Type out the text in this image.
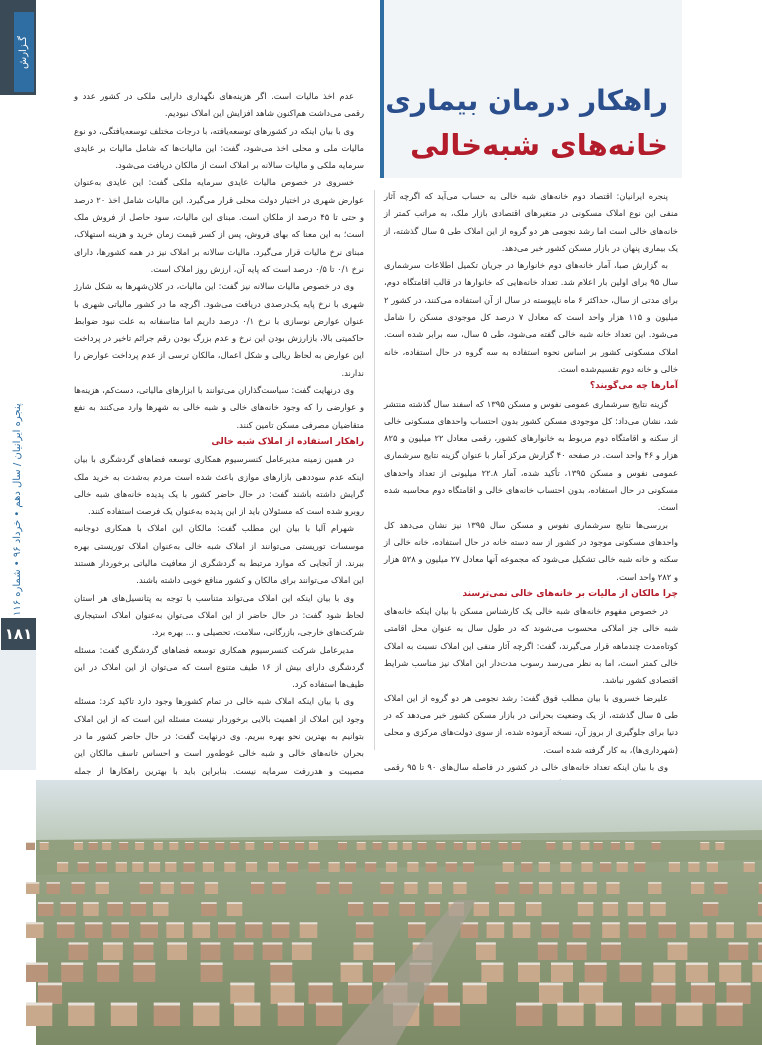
گـزارش
پنجره ایرانیان / سال دهم • خرداد ۹۶ • شماره ۱۱۶
۱۸۱
راهکار درمان بیماری
خانه‌های شبه‌خالی

پنجره ایرانیان: اقتصاد دوم خانه‌های شبه خالی به حساب می‌آید که اگرچه آثار منفی این نوع املاک مسکونی در متغیرهای اقتصادی بازار ملک، به مراتب کمتر از خانه‌های خالی است اما رشد نجومی هر دو گروه از این املاک طی ۵ سال گذشته، از یک بیماری پنهان در بازار مسکن کشور خبر می‌دهد.

به گزارش صبا، آمار خانه‌های دوم خانوارها در جریان تکمیل اطلاعات سرشماری سال ۹۵ برای اولین بار اعلام شد. تعداد خانه‌هایی که خانوارها در قالب اقامتگاه دوم، برای مدتی از سال، حداکثر ۶ ماه ناپیوسته در سال از آن استفاده می‌کنند، در کشور ۲ میلیون و ۱۱۵ هزار واحد است که معادل ۷ درصد کل موجودی مسکن را شامل می‌شود. این تعداد خانه شبه خالی گفته می‌شود، طی ۵ سال، سه برابر شده است. املاک مسکونی کشور بر اساس نحوه استفاده به سه گروه در حال استفاده، خانه خالی و خانه دوم تقسیم‌شده است.

آمارها چه می‌گویند؟

گزینه نتایج سرشماری عمومی نفوس و مسکن ۱۳۹۵ که اسفند سال گذشته منتشر شد، نشان می‌داد: کل موجودی مسکن کشور بدون احتساب واحدهای مسکونی خالی از سکنه و اقامتگاه دوم مربوط به خانوارهای کشور، رقمی معادل ۲۲ میلیون و ۸۲۵ هزار و ۴۶ واحد است. در صفحه ۴۰ گزارش مرکز آمار با عنوان گزینه نتایج سرشماری عمومی نفوس و مسکن ۱۳۹۵، تأکید شده، آمار ۲۲.۸ میلیونی از تعداد واحدهای مسکونی در حال استفاده، بدون احتساب خانه‌های خالی و اقامتگاه دوم محاسبه شده است.

بررسی‌ها نتایج سرشماری نفوس و مسکن سال ۱۳۹۵ نیز نشان می‌دهد کل واحدهای مسکونی موجود در کشور از سه دسته خانه در حال استفاده، خانه خالی از سکنه و خانه شبه خالی تشکیل می‌شود که مجموعه آنها معادل ۲۷ میلیون و ۵۲۸ هزار و ۲۸۲ واحد است.

چرا مالکان از مالیات بر خانه‌های خالی نمی‌ترسند

در خصوص مفهوم خانه‌های شبه خالی یک کارشناس مسکن با بیان اینکه خانه‌های شبه خالی جز املاکی محسوب می‌شوند که در طول سال به عنوان محل اقامتی کوتاه‌مدت چندماهه قرار می‌گیرند، گفت: اگرچه آثار منفی این املاک نسبت به املاک خالی کمتر است، اما به نظر می‌رسد رسوب مدت‌دار این املاک نیز مناسب شرایط اقتصادی کشور نباشد.

علیرضا خسروی با بیان مطلب فوق گفت: رشد نجومی هر دو گروه از این املاک طی ۵ سال گذشته، از یک وضعیت بحرانی در بازار مسکن کشور خبر می‌دهد که در دنیا برای جلوگیری از بروز آن، نسخه آزموده شده، از سوی دولت‌های مرکزی و محلی (شهرداری‌ها)، به کار گرفته شده است.

وی با بیان اینکه تعداد خانه‌های خالی در کشور در فاصله سال‌های ۹۰ تا ۹۵ رقمی

عدم اخذ مالیات است. اگر هزینه‌های نگهداری دارایی ملکی در کشور عدد و رقمی می‌داشت هم‌اکنون شاهد افزایش این املاک نبودیم.

وی با بیان اینکه در کشورهای توسعه‌یافته، با درجات مختلف توسعه‌یافتگی، دو نوع مالیات ملی و محلی اخذ می‌شود، گفت: این مالیات‌ها که شامل مالیات بر عایدی سرمایه ملکی و مالیات سالانه بر املاک است از مالکان دریافت می‌شود.

خسروی در خصوص مالیات عایدی سرمایه ملکی گفت: این عایدی به‌عنوان عوارض شهری در اختیار دولت محلی قرار می‌گیرد. این مالیات شامل اخذ ۲۰ درصد و حتی تا ۴۵ درصد از ملکان است. مبنای این مالیات، سود حاصل از فروش ملک است؛ به این معنا که بهای فروش، پس از کسر قیمت زمان خرید و هزینه استهلاک، مبنای نرخ مالیات قرار می‌گیرد. مالیات سالانه بر املاک نیز در همه کشورها، دارای نرخ ۰/۱ تا ۰/۵ درصد است که پایه آن، ارزش روز املاک است.

وی در خصوص مالیات سالانه نیز گفت: این مالیات، در کلان‌شهرها به شکل شارژ شهری با نرخ پایه یک‌درصدی دریافت می‌شود. اگرچه ما در کشور مالیاتی شهری با عنوان عوارض نوسازی با نرخ ۰/۱ درصد داریم اما متاسفانه به علت نبود ضوابط حاکمیتی بالا، بازارزش بودن این نرخ و عدم بزرگ بودن رقم جرائم تاخیر در پرداخت این عوارض به لحاظ ریالی و شکل اعمال، مالکان ترسی از عدم پرداخت عوارض را ندارند.

وی درنهایت گفت: سیاست‌گذاران می‌توانند با ابزارهای مالیاتی، دست‌کم، هزینه‌ها و عوارضی را که وجود خانه‌های خالی و شبه خالی به شهرها وارد می‌کنند به نفع متقاضیان مصرفی مسکن تامین کنند.

راهکار استفاده از املاک شبه خالی

در همین زمینه مدیرعامل کنسرسیوم همکاری توسعه فضاهای گردشگری با بیان اینکه عدم سوددهی بازارهای موازی باعث شده است مردم به‌شدت به خرید ملک گرایش داشته باشند گفت: در حال حاضر کشور با یک پدیده خانه‌های شبه خالی روبرو شده است که مسئولان باید از این پدیده به‌عنوان یک فرصت استفاده کنند.

شهرام آلبا با بیان این مطلب گفت: مالکان این املاک با همکاری دوجانبه موسسات توریستی می‌توانند از املاک شبه خالی به‌عنوان املاک توریستی بهره ببرند. از آنجایی که موارد مرتبط به گردشگری از معافیت مالیاتی برخوردار هستند این املاک می‌توانند برای مالکان و کشور منافع خوبی داشته باشند.

وی با بیان اینکه این املاک می‌تواند متناسب با توجه به پتانسیل‌های هر استان لحاظ شود گفت: در حال حاضر از این املاک می‌توان به‌عنوان املاک استیجاری شرکت‌های خارجی، بازرگانی، سلامت، تحصیلی و ... بهره برد.

مدیرعامل شرکت کنسرسیوم همکاری توسعه فضاهای گردشگری گفت: مسئله گردشگری دارای بیش از ۱۶ طیف متنوع است که می‌توان از این املاک در این طیف‌ها استفاده کرد.

وی با بیان اینکه املاک شبه خالی در تمام کشورها وجود دارد تاکید کرد: مسئله وجود این املاک از اهمیت بالایی برخوردار نیست مسئله این است که از این املاک بتوانیم به بهترین نحو بهره ببریم. وی درنهایت گفت: در حال حاضر کشور ما در بحران خانه‌های خالی و شبه خالی غوطه‌ور است و احساس تاسف مالکان این مصیبت و هدررفت سرمایه نیست. بنابراین باید با بهترین راهکارها از جمله
